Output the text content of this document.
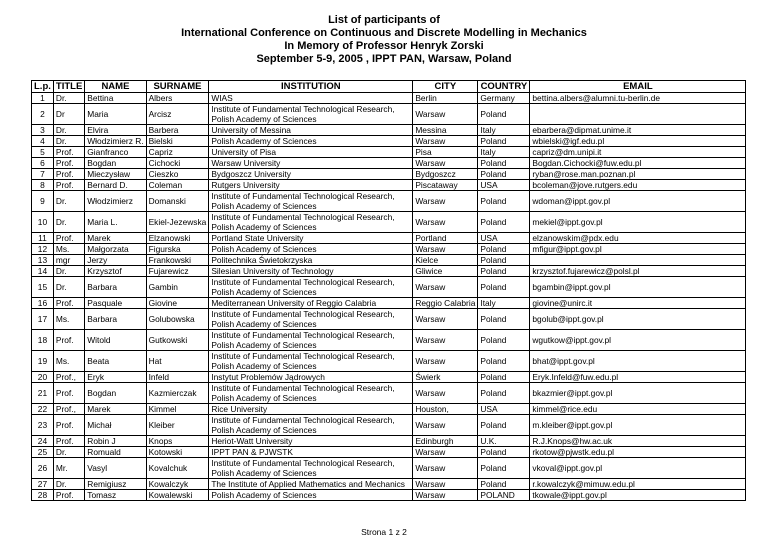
List of participants of
International Conference on Continuous and Discrete Modelling in Mechanics
In Memory of Professor Henryk Zorski
September 5-9, 2005 , IPPT PAN, Warsaw, Poland
L.p.	TITLE	NAME	SURNAME	INSTITUTION	CITY	COUNTRY	EMAIL
1	Dr.	Bettina	Albers	WIAS	Berlin	Germany	bettina.albers@alumni.tu-berlin.de
2	Dr	Maria	Arcisz	Institute of Fundamental Technological Research, Polish Academy of Sciences	Warsaw	Poland	
3	Dr.	Elvira	Barbera	University of Messina	Messina	Italy	ebarbera@dipmat.unime.it
4	Dr.	Włodzimierz R.	Bielski	Polish Academy of Sciences	Warsaw	Poland	wbielski@igf.edu.pl
5	Prof.	Gianfranco	Capriz	University of Pisa	Pisa	Italy	capriz@dm.unipi.it
6	Prof.	Bogdan	Cichocki	Warsaw University	Warsaw	Poland	Bogdan.Cichocki@fuw.edu.pl
7	Prof.	Mieczysław	Cieszko	Bydgoszcz University	Bydgoszcz	Poland	ryban@rose.man.poznan.pl
8	Prof.	Bernard D.	Coleman	Rutgers University	Piscataway	USA	bcoleman@jove.rutgers.edu
9	Dr.	Włodzimierz	Domanski	Institute of Fundamental Technological Research, Polish Academy of Sciences	Warsaw	Poland	wdoman@ippt.gov.pl
10	Dr.	Maria L.	Ekiel-Jezewska	Institute of Fundamental Technological Research, Polish Academy of Sciences	Warsaw	Poland	mekiel@ippt.gov.pl
11	Prof.	Marek	Elzanowski	Portland State University	Portland	USA	elzanowskim@pdx.edu
12	Ms.	Małgorzata	Figurska	Polish Academy of Sciences	Warsaw	Poland	mfigur@ippt.gov.pl
13	mgr	Jerzy	Frankowski	Politechnika Świetokrzyska	Kielce	Poland	
14	Dr.	Krzysztof	Fujarewicz	Silesian University of Technology	Gliwice	Poland	krzysztof.fujarewicz@polsl.pl
15	Dr.	Barbara	Gambin	Institute of Fundamental Technological Research, Polish Academy of Sciences	Warsaw	Poland	bgambin@ippt.gov.pl
16	Prof.	Pasquale	Giovine	Mediterranean University of Reggio Calabria	Reggio Calabria	Italy	giovine@unirc.it
17	Ms.	Barbara	Golubowska	Institute of Fundamental Technological Research, Polish Academy of Sciences	Warsaw	Poland	bgolub@ippt.gov.pl
18	Prof.	Witold	Gutkowski	Institute of Fundamental Technological Research, Polish Academy of Sciences	Warsaw	Poland	wgutkow@ippt.gov.pl
19	Ms.	Beata	Hat	Institute of Fundamental Technological Research, Polish Academy of Sciences	Warsaw	Poland	bhat@ippt.gov.pl
20	Prof.,	Eryk	Infeld	Instytut Problemów Jądrowych	Świerk	Poland	Eryk.Infeld@fuw.edu.pl
21	Prof.	Bogdan	Kazmierczak	Institute of Fundamental Technological Research, Polish Academy of Sciences	Warsaw	Poland	bkazmier@ippt.gov.pl
22	Prof.,	Marek	Kimmel	Rice University	Houston,	USA	kimmel@rice.edu
23	Prof.	Michał	Kleiber	Institute of Fundamental Technological Research, Polish Academy of Sciences	Warsaw	Poland	m.kleiber@ippt.gov.pl
24	Prof.	Robin J	Knops	Heriot-Watt University	Edinburgh	U.K.	R.J.Knops@hw.ac.uk
25	Dr.	Romuald	Kotowski	IPPT PAN & PJWSTK	Warsaw	Poland	rkotow@pjwstk.edu.pl
26	Mr.	Vasyl	Kovalchuk	Institute of Fundamental Technological Research, Polish Academy of Sciences	Warsaw	Poland	vkoval@ippt.gov.pl
27	Dr.	Remigiusz	Kowalczyk	The Institute of Applied Mathematics and Mechanics	Warsaw	Poland	r.kowalczyk@mimuw.edu.pl
28	Prof.	Tomasz	Kowalewski	Polish Academy of Sciences	Warsaw	POLAND	tkowale@ippt.gov.pl
Strona 1 z 2
